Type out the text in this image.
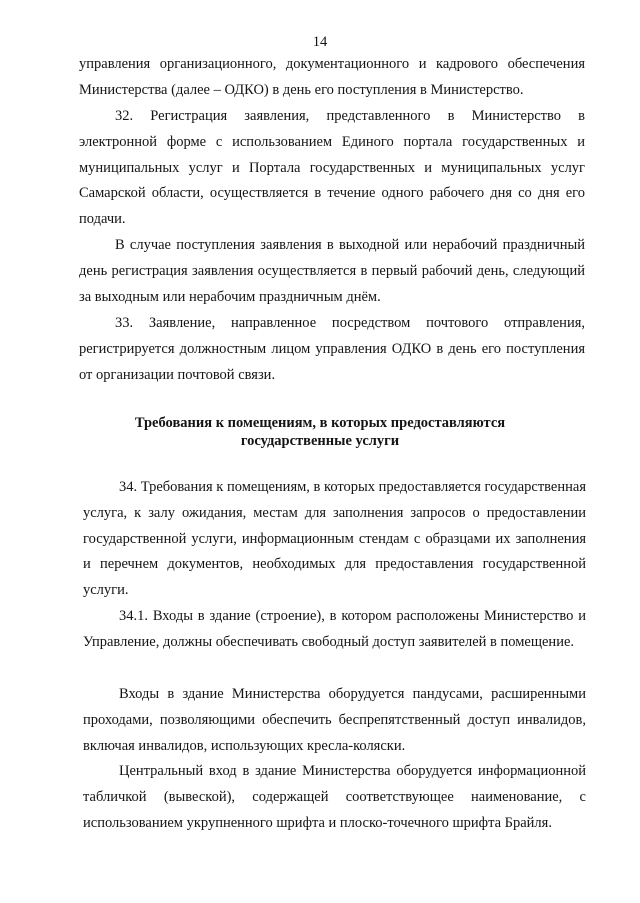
14

управления организационного, документационного и кадрового обеспечения Министерства (далее – ОДКО) в день его поступления в Министерство.

32. Регистрация заявления, представленного в Министерство в электронной форме с использованием Единого портала государственных и муниципальных услуг и Портала государственных и муниципальных услуг Самарской области, осуществляется в течение одного рабочего дня со дня его подачи.

В случае поступления заявления в выходной или нерабочий праздничный день регистрация заявления осуществляется в первый рабочий день, следующий за выходным или нерабочим праздничным днём.

33. Заявление, направленное посредством почтового отправления, регистрируется должностным лицом управления ОДКО в день его поступления от организации почтовой связи.

Требования к помещениям, в которых предоставляются государственные услуги

34. Требования к помещениям, в которых предоставляется государственная услуга, к залу ожидания, местам для заполнения запросов о предоставлении государственной услуги, информационным стендам с образцами их заполнения и перечнем документов, необходимых для предоставления государственной услуги.

34.1. Входы в здание (строение), в котором расположены Министерство и Управление, должны обеспечивать свободный доступ заявителей в помещение.

Входы в здание Министерства оборудуется пандусами, расширенными проходами, позволяющими обеспечить беспрепятственный доступ инвалидов, включая инвалидов, использующих кресла-коляски.

Центральный вход в здание Министерства оборудуется информационной табличкой (вывеской), содержащей соответствующее наименование, с использованием укрупненного шрифта и плоско-точечного шрифта Брайля.
